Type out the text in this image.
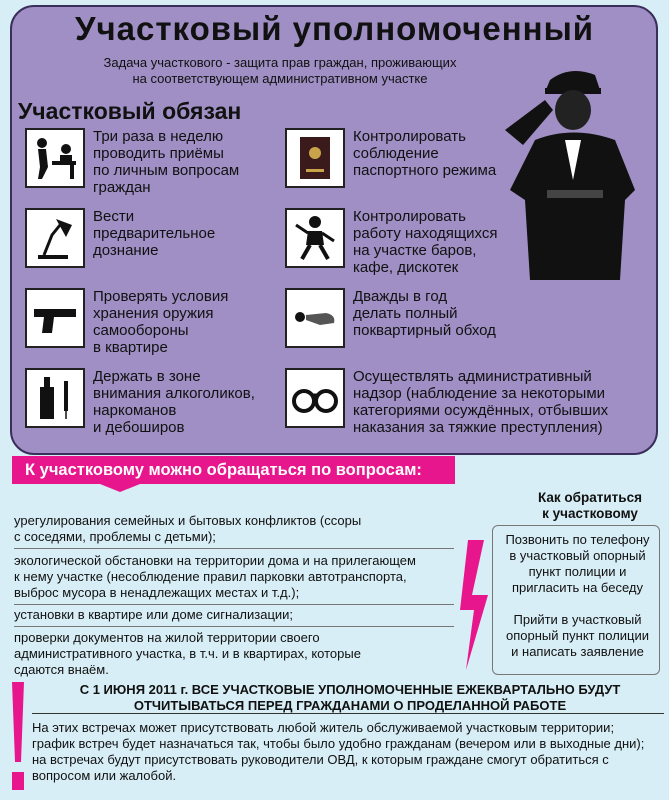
Участковый уполномоченный
Задача участкового - защита прав граждан, проживающих
на соответствующем административном участке
Участковый обязан
Три раза в неделю
проводить приёмы
по личным вопросам
граждан
Контролировать
соблюдение
паспортного режима
Вести
предварительное
дознание
Контролировать
работу находящихся
на участке баров,
кафе, дискотек
Проверять условия
хранения оружия
самообороны
в квартире
Дважды в год
делать полный
поквартирный обход
Держать в зоне
внимания алкоголиков,
наркоманов
и дебоширов
Осуществлять административный
надзор (наблюдение за некоторыми
категориями осуждённых, отбывших
наказания за тяжкие преступления)
К участковому можно обращаться по вопросам:
урегулирования семейных и бытовых конфликтов (ссоры
с соседями, проблемы с детьми);
экологической обстановки на территории дома и на прилегающем
к нему участке (несоблюдение правил парковки автотранспорта,
выброс мусора в ненадлежащих местах и т.д.);
установки в квартире или доме сигнализации;
проверки документов на жилой территории своего
административного участка, в т.ч. и в квартирах, которые
сдаются внаём.
Как обратиться
к участковому
Позвонить по телефону
в участковый опорный
пункт полиции и
пригласить на беседу
Прийти в участковый
опорный пункт полиции
и написать заявление
С 1 ИЮНЯ 2011 г. ВСЕ УЧАСТКОВЫЕ УПОЛНОМОЧЕННЫЕ ЕЖЕКВАРТАЛЬНО БУДУТ
ОТЧИТЫВАТЬСЯ ПЕРЕД ГРАЖДАНАМИ О ПРОДЕЛАННОЙ РАБОТЕ
На этих встречах может присутствовать любой житель обслуживаемой участковым территории;
график встреч будет назначаться так, чтобы было удобно гражданам (вечером или в выходные дни);
на встречах будут присутствовать руководители ОВД, к которым граждане смогут обратиться с
вопросом или жалобой.
